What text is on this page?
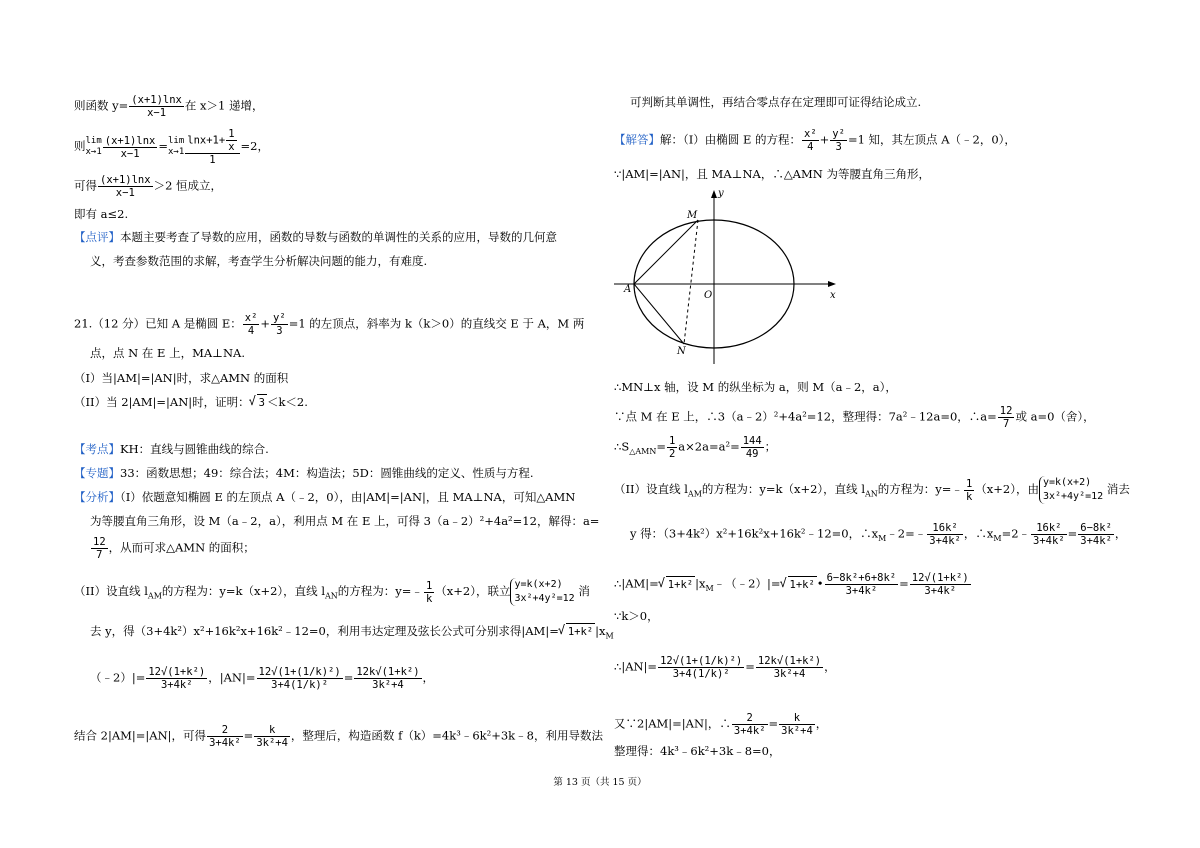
则函数 $y= \frac{(x+1)\ln x}{x-1}$ 在 x＞1 递增，
则 lim
$x\to 1 \frac{(x+1)\ln x}{x-1} = \lim$
$x\to 1 \frac{\ln x+1+ \frac{1}{x}}{1} =2$，
可得 $\frac{(x+1)\ln x}{x-1} >2$ 恒成立，
即有 a≤2.
【点评】本题主要考查了导数的应用，函数的导数与函数的单调性的关系的应用，导数的几何意
义，考查参数范围的求解，考查学生分析解决问题的能力，有难度.
21.（12 分）已知 A 是椭圆 E： $\frac{\text{x²}}{4} + \frac{\text{y²}}{3} =1$ 的左顶点，斜率为 k（k＞0）的直线交 E 于 A，M 两
点，点 N 在 E 上，MA⊥NA.
（I）当|AM|=|AN|时，求△AMN 的面积
（II）当 2|AM|=|AN|时，证明：√ 3 ＜k＜2.
【考点】KH：直线与圆锥曲线的综合.
【专题】33：函数思想；49：综合法；4M：构造法；5D：圆锥曲线的定义、性质与方程.
【分析】（I）依题意知椭圆 E 的左顶点 A（﹣2，0），由|AM|=|AN|，且 MA⊥NA，可知△AMN
为等腰直角三角形，设 M（a﹣2，a），利用点 M 在 E 上，可得 3（a﹣2）²+4a²=12，解得：a=
$\frac{12}{7}$ ，从而可求△AMN 的面积；
（II）设直线 $l_{AM}$的方程为：y=k（x+2），直线 $l_{AN}$的方程为：y=﹣ $\frac{1}{k} (x+2)$，联立 y=k(x+2)
3x²+4y²=12
消
去 y，得（3+4k²）x²+16k²x+16k²﹣12=0，利用韦达定理及弦长公式可分别求得|AM|=√ 1+k² $|x_M$
（﹣2）|= $\frac{\text{12√(1+k²)}}{\text{3+4k²}}$ ，$|AN|= \frac{\text{12√(1+(1/k)²)}}{\text{3+4(1/k)²}} = \frac{\text{12k√(1+k²)}}{\text{3k²+4}}$ ，
结合 2|AM|=|AN|，可得 $\frac{2}{\text{3+4k²}} = \frac{k}{\text{3k²+4}}$ ，整理后，构造函数 f（k）=4k³﹣6k²+3k﹣8，利用导数法
可判断其单调性，再结合零点存在定理即可证得结论成立.
【解答】解：（I）由椭圆 E 的方程： $\frac{\text{x²}}{4} + \frac{\text{y²}}{3} =1$ 知，其左顶点 A（﹣2，0），
∵|AM|=|AN|，且 MA⊥NA，∴△AMN 为等腰直角三角形，
y
x
M
A
O
N
∴MN⊥x 轴，设 M 的纵坐标为 a，则 M（a﹣2，a），
∵点 M 在 E 上，∴3（a﹣2）²+4a²=12，整理得：7a²﹣12a=0，∴a= $\frac{12}{7}$ 或 a=0（舍），
$\therefore S_{\triangle AMN}= \frac{1}{2} a\times 2a=a^2= \frac{144}{49}$ ；
（II）设直线 $l_{AM}$的方程为：y=k（x+2），直线 $l_{AN}$的方程为：y=﹣ $\frac{1}{k} (x+2)$，由 y=k(x+2)
3x²+4y²=12
消去
y 得：（3+4k²）x²+16k²x+16k²﹣12=0，$\therefore x_M﹣2=﹣ \frac{\text{16k²}}{\text{3+4k²}}$ ，$\therefore x_M=2﹣ \frac{\text{16k²}}{\text{3+4k²}} = \frac{\text{6−8k²}}{\text{3+4k²}}$ ，
∴|AM|=√ 1+k² $|x_M﹣(﹣2)|=√$ 1+k² • $\frac{\text{6−8k²+6+8k²}}{\text{3+4k²}} = \frac{\text{12√(1+k²)}}{\text{3+4k²}}$
∵k＞0，
∴|AN|= $\frac{\text{12√(1+(1/k)²)}}{\text{3+4(1/k)²}} = \frac{\text{12k√(1+k²)}}{\text{3k²+4}}$ ，
又∵2|AM|=|AN|，∴ $\frac{2}{\text{3+4k²}} = \frac{k}{\text{3k²+4}}$ ，
整理得：4k³﹣6k²+3k﹣8=0，
第 13 页（共 15 页）
